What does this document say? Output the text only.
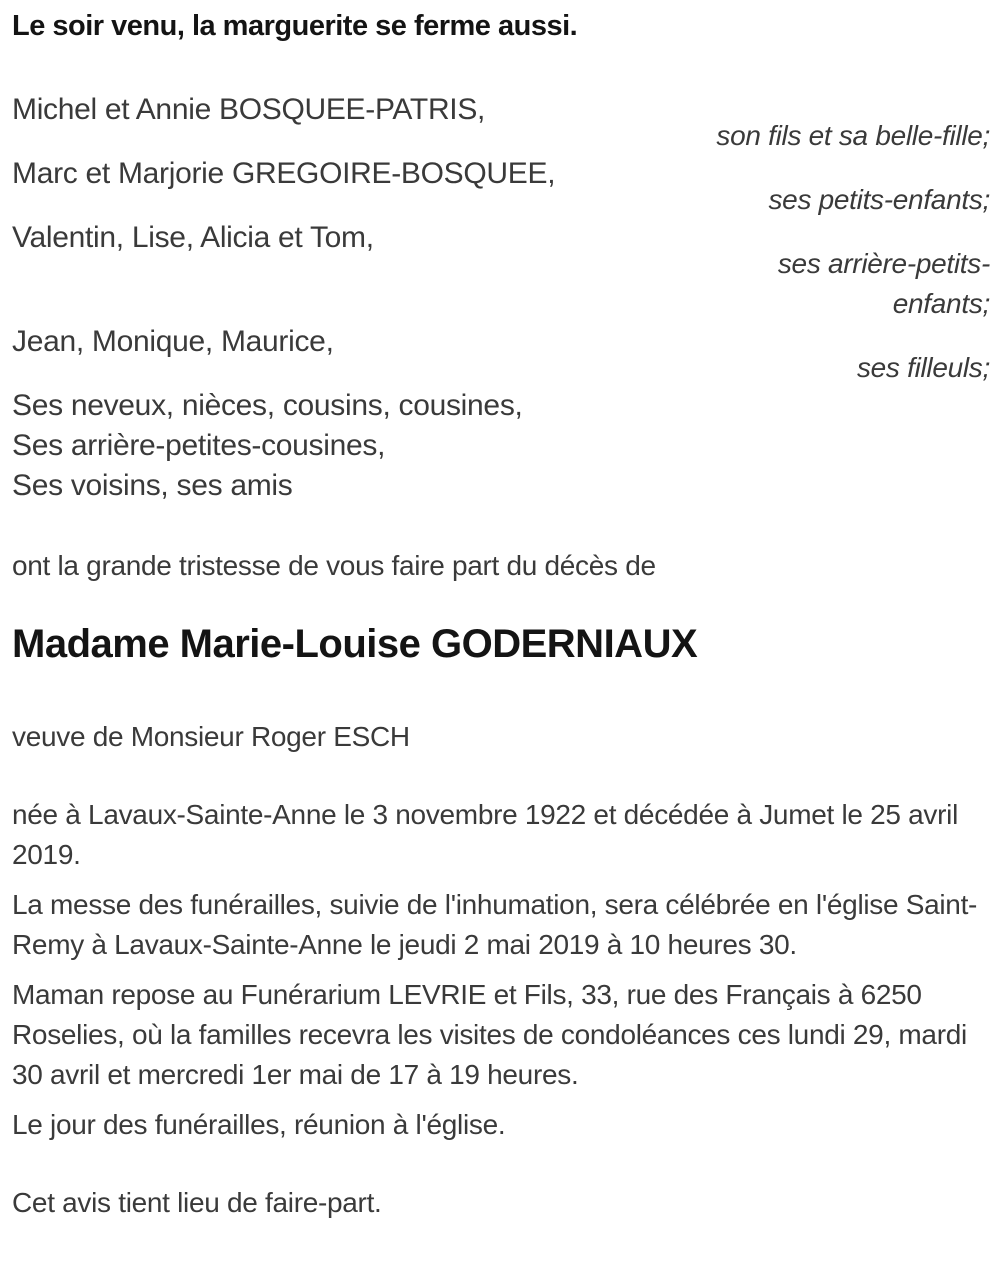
Le soir venu, la marguerite se ferme aussi.

Michel et Annie BOSQUEE-PATRIS,
son fils et sa belle-fille;
Marc et Marjorie GREGOIRE-BOSQUEE,
ses petits-enfants;
Valentin, Lise, Alicia et Tom,
ses arrière-petits-enfants;
Jean, Monique, Maurice,
ses filleuls;
Ses neveux, nièces, cousins, cousines,
Ses arrière-petites-cousines,
Ses voisins, ses amis

ont la grande tristesse de vous faire part du décès de

Madame Marie-Louise GODERNIAUX

veuve de Monsieur Roger ESCH

née à Lavaux-Sainte-Anne le 3 novembre 1922 et décédée à Jumet le 25 avril 2019.

La messe des funérailles, suivie de l'inhumation, sera célébrée en l'église Saint-Remy à Lavaux-Sainte-Anne le jeudi 2 mai 2019 à 10 heures 30.

Maman repose au Funérarium LEVRIE et Fils, 33, rue des Français à 6250 Roselies, où la familles recevra les visites de condoléances ces lundi 29, mardi 30 avril et mercredi 1er mai de 17 à 19 heures.

Le jour des funérailles, réunion à l'église.

Cet avis tient lieu de faire-part.
